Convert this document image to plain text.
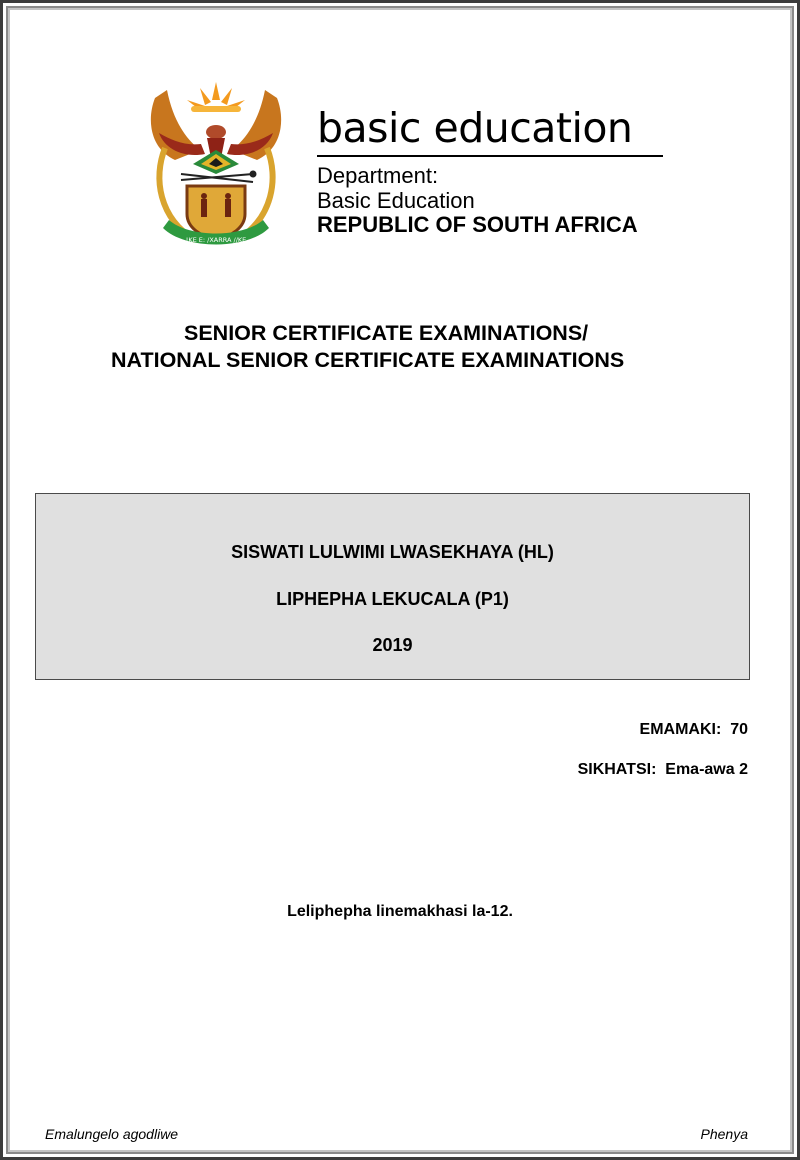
!KE E: /XARRA //KE
basic education
Department:
Basic Education
REPUBLIC OF SOUTH AFRICA
SENIOR CERTIFICATE EXAMINATIONS/
NATIONAL SENIOR CERTIFICATE EXAMINATIONS
SISWATI LULWIMI LWASEKHAYA (HL)
LIPHEPHA LEKUCALA (P1)
2019
EMAMAKI:  70
SIKHATSI:  Ema-awa 2
Leliphepha linemakhasi la-12.
Emalungelo agodliwe	Phenya
